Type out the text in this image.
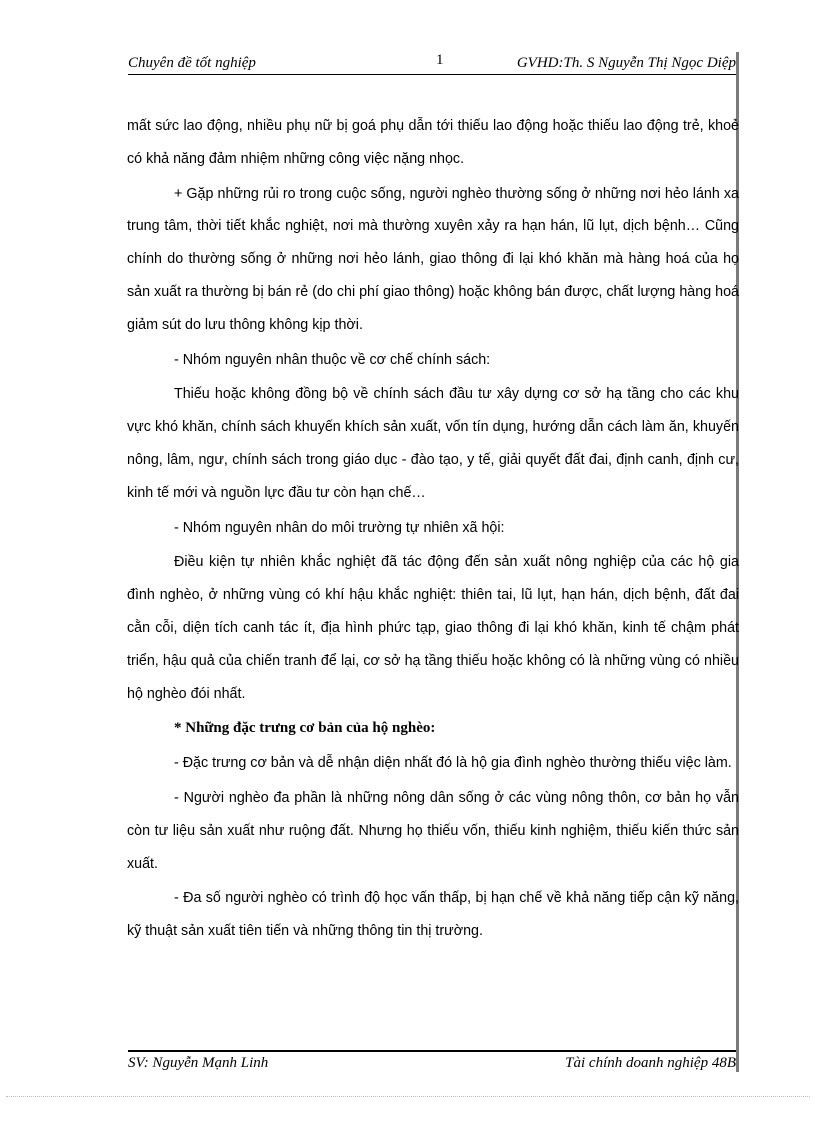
Chuyên đề tốt nghiệp	1	GVHD:Th. S Nguyễn Thị Ngọc Diệp

mất sức lao động, nhiều phụ nữ bị goá phụ dẫn tới thiếu lao động hoặc thiếu lao động trẻ, khoẻ có khả năng đảm nhiệm những công việc nặng nhọc.

+ Gặp những rủi ro trong cuộc sống, người nghèo thường sống ở những nơi hẻo lánh xa trung tâm, thời tiết khắc nghiệt, nơi mà thường xuyên xảy ra hạn hán, lũ lụt, dịch bệnh… Cũng chính do thường sống ở những nơi hẻo lánh, giao thông đi lại khó khăn mà hàng hoá của họ sản xuất ra thường bị bán rẻ (do chi phí giao thông) hoặc không bán được, chất lượng hàng hoá giảm sút do lưu thông không kịp thời.

- Nhóm nguyên nhân thuộc về cơ chế chính sách:

Thiếu hoặc không đồng bộ về chính sách đầu tư xây dựng cơ sở hạ tầng cho các khu vực khó khăn, chính sách khuyến khích sản xuất, vốn tín dụng, hướng dẫn cách làm ăn, khuyến nông, lâm, ngư, chính sách trong giáo dục - đào tạo, y tế, giải quyết đất đai, định canh, định cư, kinh tế mới và nguồn lực đầu tư còn hạn chế…

- Nhóm nguyên nhân do môi trường tự nhiên xã hội:

Điều kiện tự nhiên khắc nghiệt đã tác động đến sản xuất nông nghiệp của các hộ gia đình nghèo, ở những vùng có khí hậu khắc nghiệt: thiên tai, lũ lụt, hạn hán, dịch bệnh, đất đai cằn cỗi, diện tích canh tác ít, địa hình phức tạp, giao thông đi lại khó khăn, kinh tế chậm phát triển, hậu quả của chiến tranh để lại, cơ sở hạ tầng thiếu hoặc không có là những vùng có nhiều hộ nghèo đói nhất.

* Những đặc trưng cơ bản của hộ nghèo:

- Đặc trưng cơ bản và dễ nhận diện nhất đó là hộ gia đình nghèo thường thiếu việc làm.

- Người nghèo đa phần là những nông dân sống ở các vùng nông thôn, cơ bản họ vẫn còn tư liệu sản xuất như ruộng đất. Nhưng họ thiếu vốn, thiếu kinh nghiệm, thiếu kiến thức sản xuất.

- Đa số người nghèo có trình độ học vấn thấp, bị hạn chế về khả năng tiếp cận kỹ năng, kỹ thuật sản xuất tiên tiến và những thông tin thị trường.

SV: Nguyễn Mạnh Linh	Tài chính doanh nghiệp 48B
